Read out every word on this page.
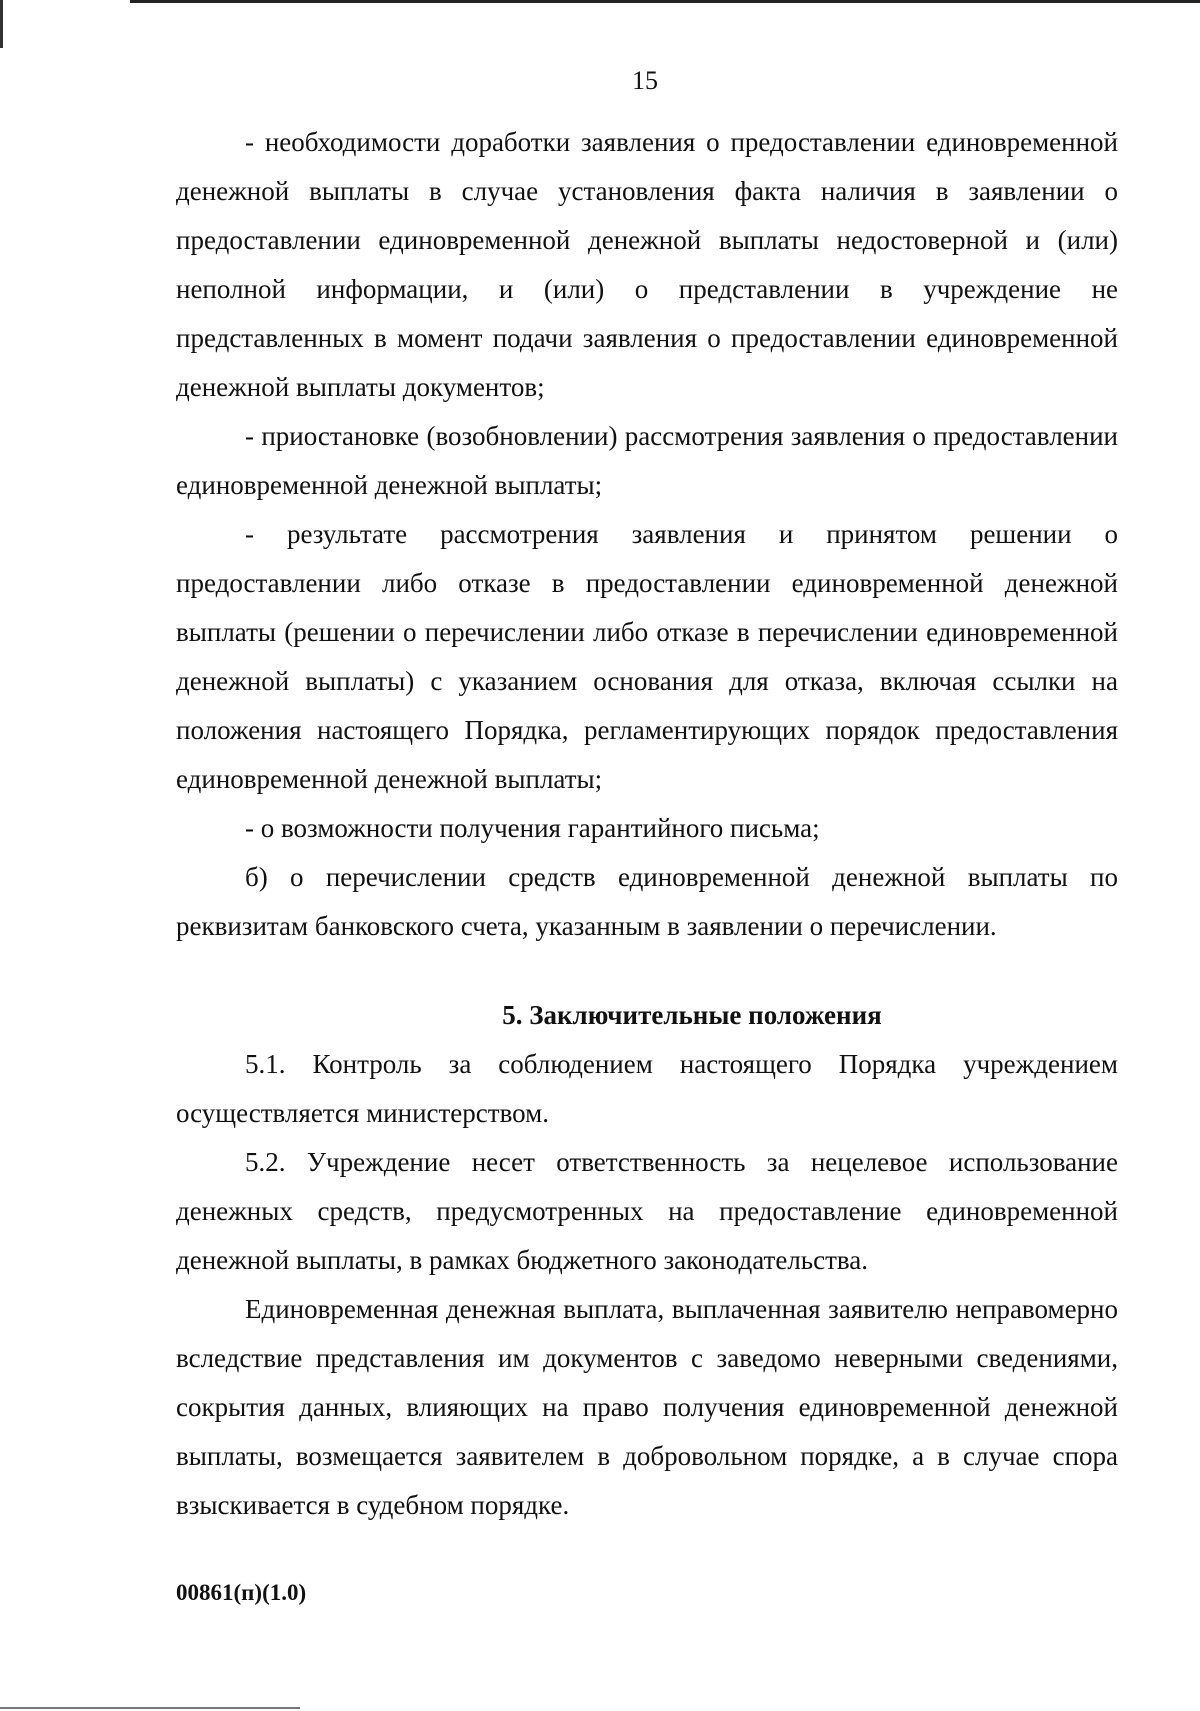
15

- необходимости доработки заявления о предоставлении единовременной денежной выплаты в случае установления факта наличия в заявлении о предоставлении единовременной денежной выплаты недостоверной и (или) неполной информации, и (или) о представлении в учреждение не представленных в момент подачи заявления о предоставлении единовременной денежной выплаты документов;

- приостановке (возобновлении) рассмотрения заявления о предоставлении единовременной денежной выплаты;

- результате рассмотрения заявления и принятом решении о предоставлении либо отказе в предоставлении единовременной денежной выплаты (решении о перечислении либо отказе в перечислении единовременной денежной выплаты) с указанием основания для отказа, включая ссылки на положения настоящего Порядка, регламентирующих порядок предоставления единовременной денежной выплаты;

- о возможности получения гарантийного письма;

б) о перечислении средств единовременной денежной выплаты по реквизитам банковского счета, указанным в заявлении о перечислении.

5. Заключительные положения

5.1. Контроль за соблюдением настоящего Порядка учреждением осуществляется министерством.

5.2. Учреждение несет ответственность за нецелевое использование денежных средств, предусмотренных на предоставление единовременной денежной выплаты, в рамках бюджетного законодательства.

Единовременная денежная выплата, выплаченная заявителю неправомерно вследствие представления им документов с заведомо неверными сведениями, сокрытия данных, влияющих на право получения единовременной денежной выплаты, возмещается заявителем в добровольном порядке, а в случае спора взыскивается в судебном порядке.

00861(п)(1.0)
